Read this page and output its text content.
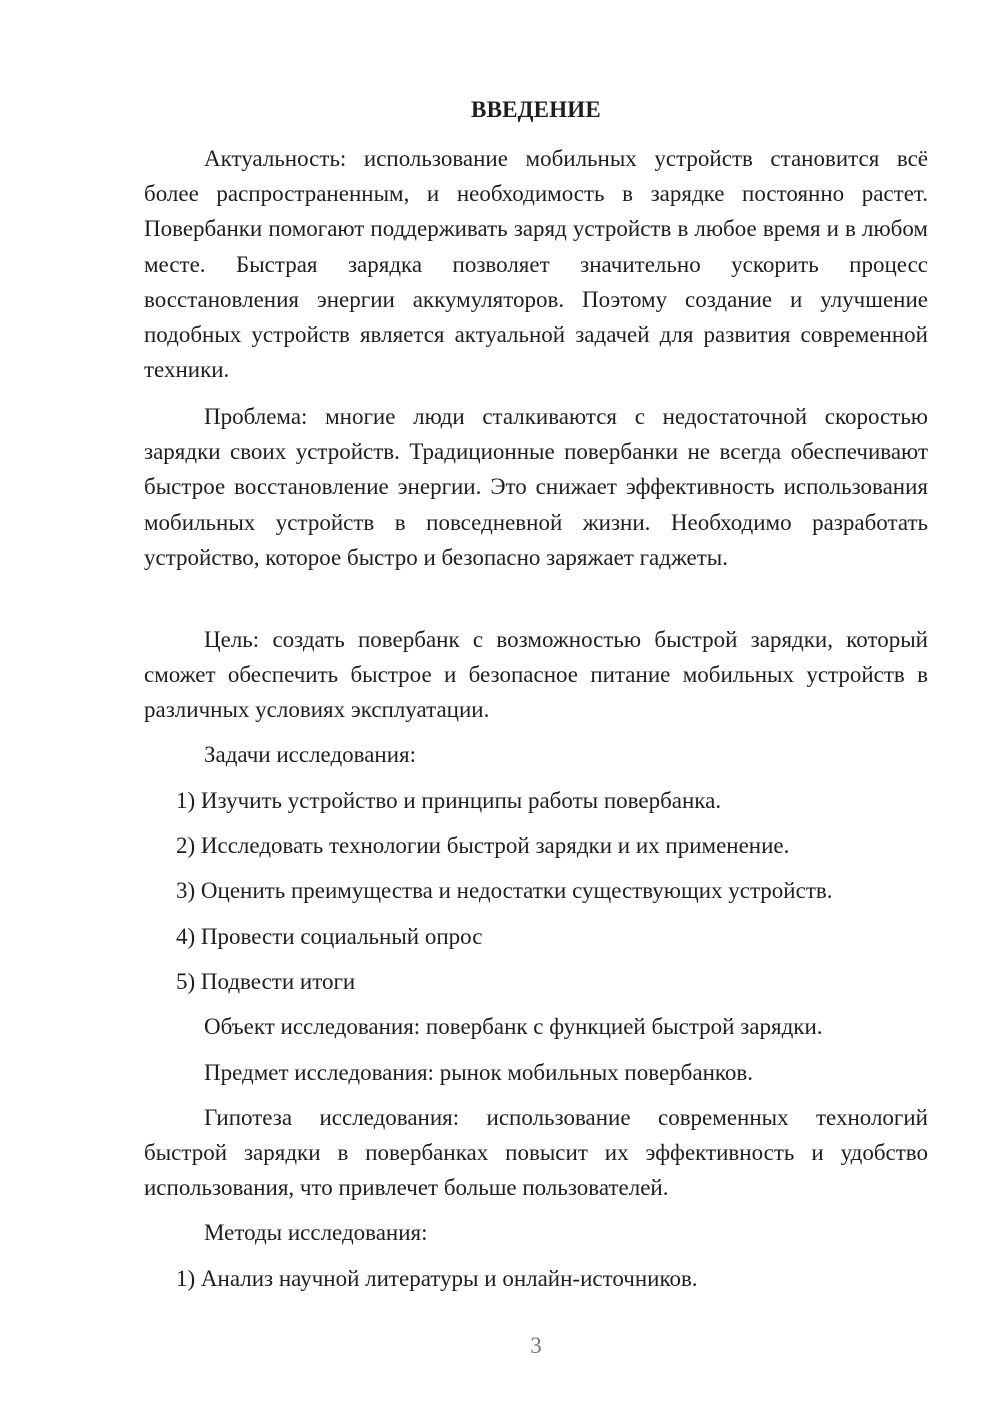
ВВЕДЕНИЕ
Актуальность: использование мобильных устройств становится всё более распространенным, и необходимость в зарядке постоянно растет. Повербанки помогают поддерживать заряд устройств в любое время и в любом месте. Быстрая зарядка позволяет значительно ускорить процесс восстановления энергии аккумуляторов. Поэтому создание и улучшение подобных устройств является актуальной задачей для развития современной техники.
Проблема: многие люди сталкиваются с недостаточной скоростью зарядки своих устройств. Традиционные повербанки не всегда обеспечивают быстрое восстановление энергии. Это снижает эффективность использования мобильных устройств в повседневной жизни. Необходимо разработать устройство, которое быстро и безопасно заряжает гаджеты.
Цель: создать повербанк с возможностью быстрой зарядки, который сможет обеспечить быстрое и безопасное питание мобильных устройств в различных условиях эксплуатации.
Задачи исследования:
1) Изучить устройство и принципы работы повербанка.
2) Исследовать технологии быстрой зарядки и их применение.
3) Оценить преимущества и недостатки существующих устройств.
4) Провести социальный опрос
5) Подвести итоги
Объект исследования: повербанк с функцией быстрой зарядки.
Предмет исследования: рынок мобильных повербанков.
Гипотеза исследования: использование современных технологий быстрой зарядки в повербанках повысит их эффективность и удобство использования, что привлечет больше пользователей.
Методы исследования:
1) Анализ научной литературы и онлайн-источников.
3
